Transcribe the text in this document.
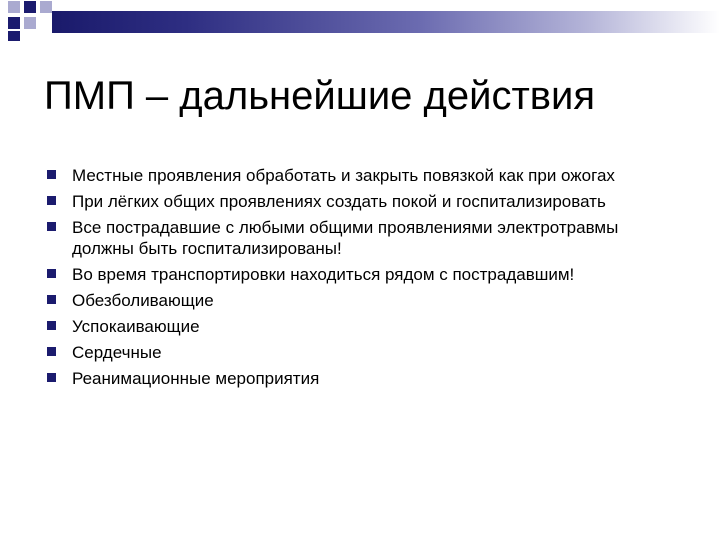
ПМП – дальнейшие действия
Местные проявления обработать и закрыть повязкой как при ожогах
При лёгких общих проявлениях создать покой и госпитализировать
Все пострадавшие с любыми общими проявлениями электротравмы должны быть госпитализированы!
Во время транспортировки находиться рядом с пострадавшим!
Обезболивающие
Успокаивающие
Сердечные
Реанимационные мероприятия
